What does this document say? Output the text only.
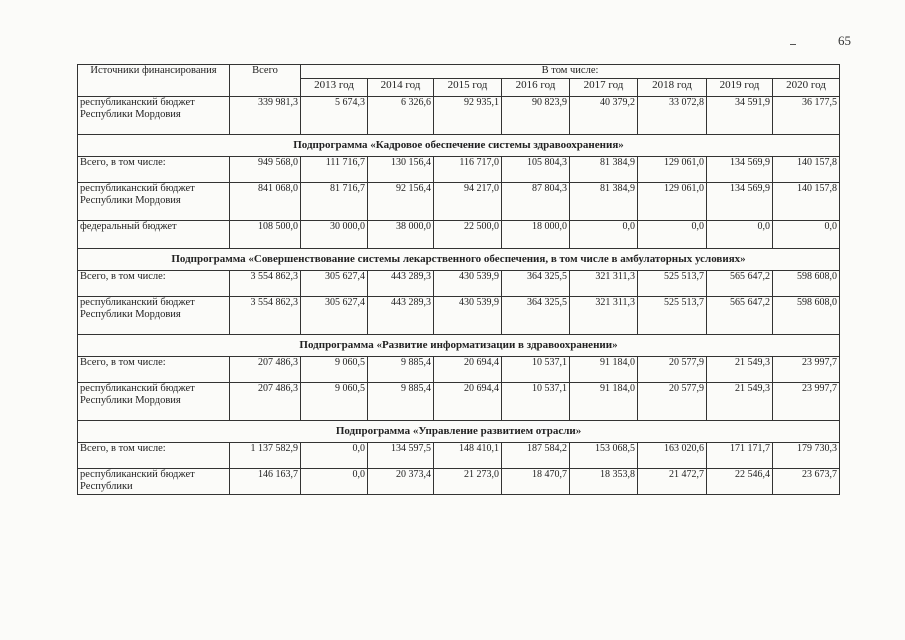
65
Источники финансирования	Всего	В том числе:							
		2013 год	2014 год	2015 год	2016 год	2017 год	2018 год	2019 год	2020 год
республиканский бюджет Республики Мордовия	339 981,3	5 674,3	6 326,6	92 935,1	90 823,9	40 379,2	33 072,8	34 591,9	36 177,5
Подпрограмма «Кадровое обеспечение системы здравоохранения»									
Всего, в том числе:	949 568,0	111 716,7	130 156,4	116 717,0	105 804,3	81 384,9	129 061,0	134 569,9	140 157,8
республиканский бюджет Республики Мордовия	841 068,0	81 716,7	92 156,4	94 217,0	87 804,3	81 384,9	129 061,0	134 569,9	140 157,8
федеральный бюджет	108 500,0	30 000,0	38 000,0	22 500,0	18 000,0	0,0	0,0	0,0	0,0
Подпрограмма «Совершенствование системы лекарственного обеспечения, в том числе в амбулаторных условиях»									
Всего, в том числе:	3 554 862,3	305 627,4	443 289,3	430 539,9	364 325,5	321 311,3	525 513,7	565 647,2	598 608,0
республиканский бюджет Республики Мордовия	3 554 862,3	305 627,4	443 289,3	430 539,9	364 325,5	321 311,3	525 513,7	565 647,2	598 608,0
Подпрограмма «Развитие информатизации в здравоохранении»									
Всего, в том числе:	207 486,3	9 060,5	9 885,4	20 694,4	10 537,1	91 184,0	20 577,9	21 549,3	23 997,7
республиканский бюджет Республики Мордовия	207 486,3	9 060,5	9 885,4	20 694,4	10 537,1	91 184,0	20 577,9	21 549,3	23 997,7
Подпрограмма «Управление развитием отрасли»									
Всего, в том числе:	1 137 582,9	0,0	134 597,5	148 410,1	187 584,2	153 068,5	163 020,6	171 171,7	179 730,3
республиканский бюджет Республики	146 163,7	0,0	20 373,4	21 273,0	18 470,7	18 353,8	21 472,7	22 546,4	23 673,7
